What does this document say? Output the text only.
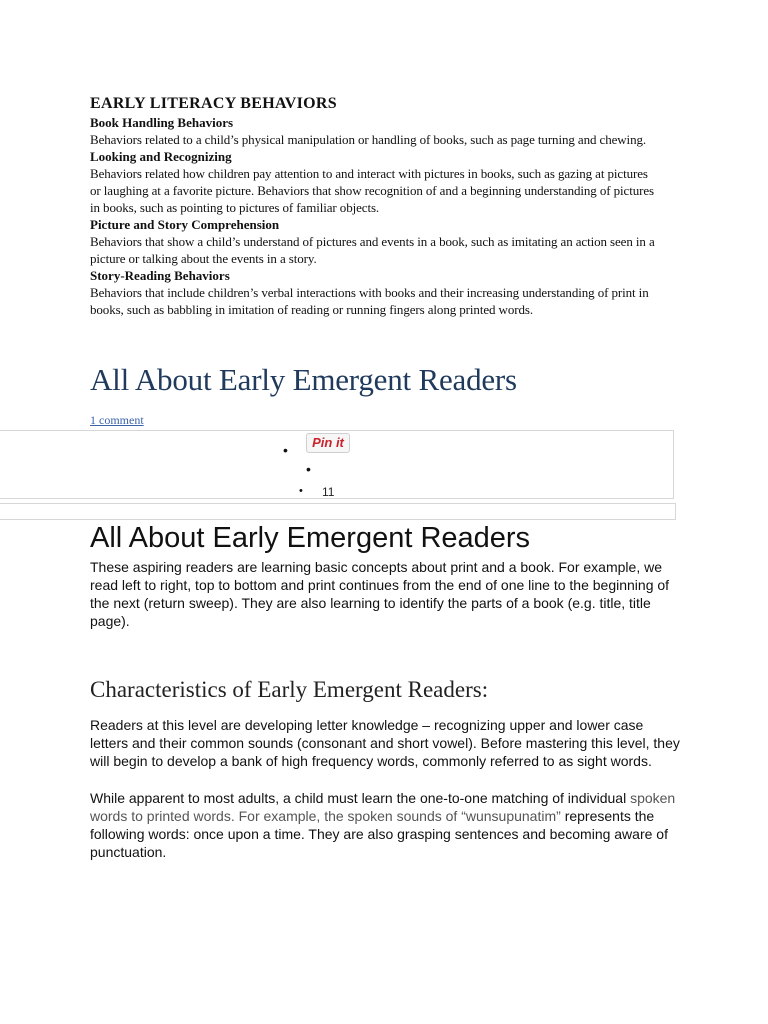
EARLY LITERACY BEHAVIORS
Book Handling Behaviors

Behaviors related to a child’s physical manipulation or handling of books, such as page turning and chewing.

Looking and Recognizing

Behaviors related how children pay attention to and interact with pictures in books, such as gazing at pictures or laughing at a favorite picture. Behaviors that show recognition of and a beginning understanding of pictures in books, such as pointing to pictures of familiar objects.

Picture and Story Comprehension

Behaviors that show a child’s understand of pictures and events in a book, such as imitating an action seen in a picture or talking about the events in a story.

Story-Reading Behaviors

Behaviors that include children’s verbal interactions with books and their increasing understanding of print in books, such as babbling in imitation of reading or running fingers along printed words.

All About Early Emergent Readers
1 comment
•	Pin it
•
• 11
All About Early Emergent Readers

These aspiring readers are learning basic concepts about print and a book. For example, we read left to right, top to bottom and print continues from the end of one line to the beginning of the next (return sweep). They are also learning to identify the parts of a book (e.g. title, title page).

Characteristics of Early Emergent Readers:

Readers at this level are developing letter knowledge – recognizing upper and lower case letters and their common sounds (consonant and short vowel). Before mastering this level, they will begin to develop a bank of high frequency words, commonly referred to as sight words.

While apparent to most adults, a child must learn the one-to-one matching of individual spoken words to printed words. For example, the spoken sounds of “wunsupunatim” represents the following words: once upon a time. They are also grasping sentences and becoming aware of punctuation.
